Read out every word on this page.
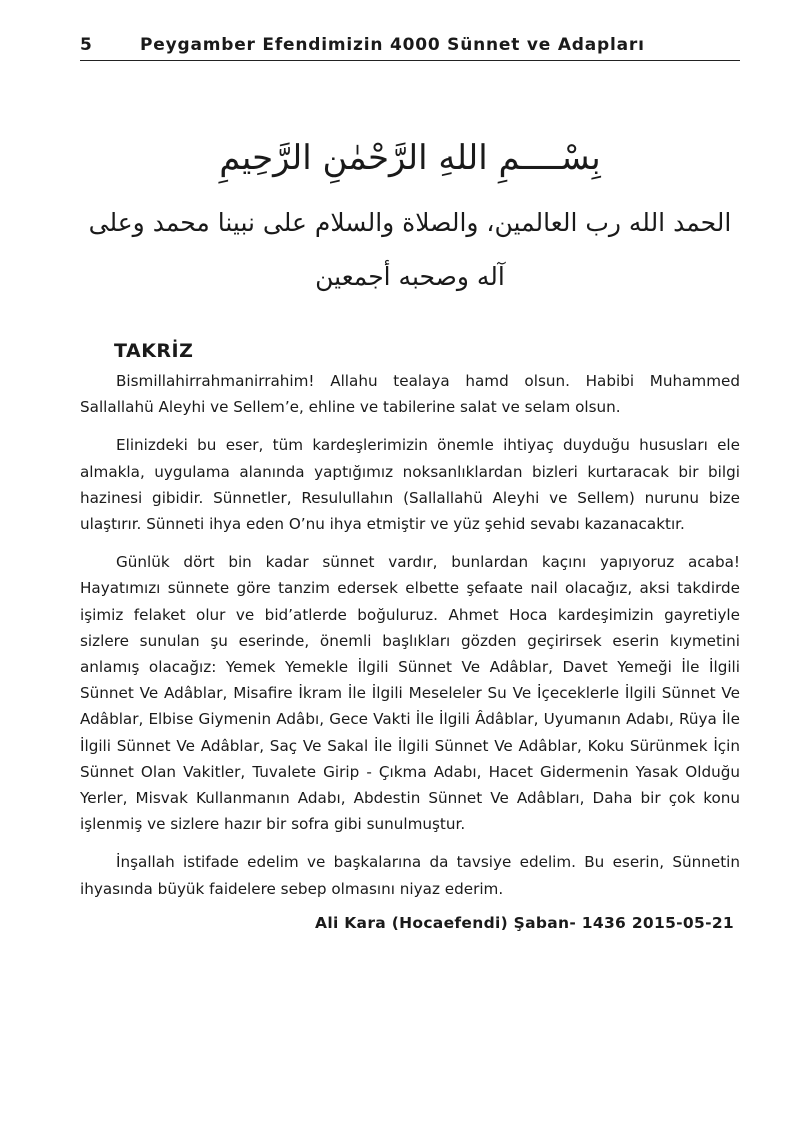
5	Peygamber Efendimizin 4000 Sünnet ve Adapları
بِسْــــمِ اللهِ الرَّحْمٰنِ الرَّحِيمِ
الحمد الله رب العالمين، والصلاة والسلام على نبينا محمد وعلى آله وصحبه أجمعين
TAKRİZ

Bismillahirrahmanirrahim! Allahu tealaya hamd olsun. Habibi Muhammed Sallallahü Aleyhi ve Sellem’e, ehline ve tabilerine salat ve selam olsun.

Elinizdeki bu eser, tüm kardeşlerimizin önemle ihtiyaç duyduğu hususları ele almakla, uygulama alanında yaptığımız noksanlıklardan bizleri kurtaracak bir bilgi hazinesi gibidir. Sünnetler, Resulullahın (Sallallahü Aleyhi ve Sellem) nurunu bize ulaştırır. Sünneti ihya eden O’nu ihya etmiştir ve yüz şehid sevabı kazanacaktır.

Günlük dört bin kadar sünnet vardır, bunlardan kaçını yapıyoruz acaba! Hayatımızı sünnete göre tanzim edersek elbette şefaate nail olacağız, aksi takdirde işimiz felaket olur ve bid’atlerde boğuluruz. Ahmet Hoca kardeşimizin gayretiyle sizlere sunulan şu eserinde, önemli başlıkları gözden geçirirsek eserin kıymetini anlamış olacağız: Yemek Yemekle İlgili Sünnet Ve Adâblar, Davet Yemeği İle İlgili Sünnet Ve Adâblar, Misafire İkram İle İlgili Meseleler Su Ve İçeceklerle İlgili Sünnet Ve Adâblar, Elbise Giymenin Adâbı, Gece Vakti İle İlgili Âdâblar, Uyumanın Adabı, Rüya İle İlgili Sünnet Ve Adâblar, Saç Ve Sakal İle İlgili Sünnet Ve Adâblar, Koku Sürünmek İçin Sünnet Olan Vakitler, Tuvalete Girip - Çıkma Adabı, Hacet Gidermenin Yasak Olduğu Yerler, Misvak Kullanmanın Adabı, Abdestin Sünnet Ve Adâbları, Daha bir çok konu işlenmiş ve sizlere hazır bir sofra gibi sunulmuştur.

İnşallah istifade edelim ve başkalarına da tavsiye edelim. Bu eserin, Sünnetin ihyasında büyük faidelere sebep olmasını niyaz ederim.

Ali Kara (Hocaefendi) Şaban- 1436 2015-05-21
